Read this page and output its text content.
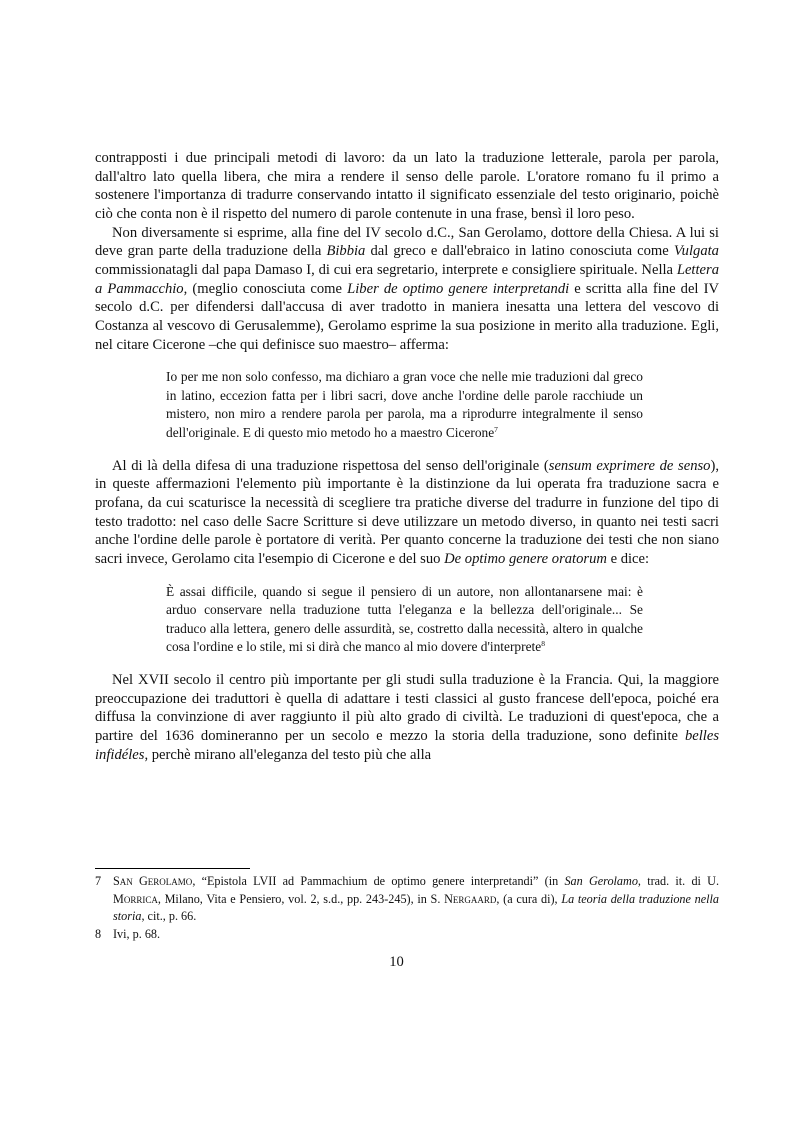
contrapposti i due principali metodi di lavoro: da un lato la traduzione letterale, parola per parola, dall'altro lato quella libera, che mira a rendere il senso delle parole. L'oratore romano fu il primo a sostenere l'importanza di tradurre conservando intatto il significato essenziale del testo originario, poichè ciò che conta non è il rispetto del numero di parole contenute in una frase, bensì il loro peso.

Non diversamente si esprime, alla fine del IV secolo d.C., San Gerolamo, dottore della Chiesa. A lui si deve gran parte della traduzione della Bibbia dal greco e dall'ebraico in latino conosciuta come Vulgata commissionatagli dal papa Damaso I, di cui era segretario, interprete e consigliere spirituale. Nella Lettera a Pammacchio, (meglio conosciuta come Liber de optimo genere interpretandi e scritta alla fine del IV secolo d.C. per difendersi dall'accusa di aver tradotto in maniera inesatta una lettera del vescovo di Costanza al vescovo di Gerusalemme), Gerolamo esprime la sua posizione in merito alla traduzione. Egli, nel citare Cicerone –che qui definisce suo maestro– afferma:

Io per me non solo confesso, ma dichiaro a gran voce che nelle mie traduzioni dal greco in latino, eccezion fatta per i libri sacri, dove anche l'ordine delle parole racchiude un mistero, non miro a rendere parola per parola, ma a riprodurre integralmente il senso dell'originale. E di questo mio metodo ho a maestro Cicerone$^7$

Al di là della difesa di una traduzione rispettosa del senso dell'originale (sensum exprimere de senso), in queste affermazioni l'elemento più importante è la distinzione da lui operata fra traduzione sacra e profana, da cui scaturisce la necessità di scegliere tra pratiche diverse del tradurre in funzione del tipo di testo tradotto: nel caso delle Sacre Scritture si deve utilizzare un metodo diverso, in quanto nei testi sacri anche l'ordine delle parole è portatore di verità. Per quanto concerne la traduzione dei testi che non siano sacri invece, Gerolamo cita l'esempio di Cicerone e del suo De optimo genere oratorum e dice:

È assai difficile, quando si segue il pensiero di un autore, non allontanarsene mai: è arduo conservare nella traduzione tutta l'eleganza e la bellezza dell'originale... Se traduco alla lettera, genero delle assurdità, se, costretto dalla necessità, altero in qualche cosa l'ordine e lo stile, mi si dirà che manco al mio dovere d'interprete$^8$

Nel XVII secolo il centro più importante per gli studi sulla traduzione è la Francia. Qui, la maggiore preoccupazione dei traduttori è quella di adattare i testi classici al gusto francese dell'epoca, poiché era diffusa la convinzione di aver raggiunto il più alto grado di civiltà. Le traduzioni di quest'epoca, che a partire del 1636 domineranno per un secolo e mezzo la storia della traduzione, sono definite belles infidéles, perchè mirano all'eleganza del testo più che alla

7 San Gerolamo, “Epistola LVII ad Pammachium de optimo genere interpretandi” (in San Gerolamo, trad. it. di U. Morrica, Milano, Vita e Pensiero, vol. 2, s.d., pp. 243-245), in S. Nergaard, (a cura di), La teoria della traduzione nella storia, cit., p. 66.
8 Ivi, p. 68.
10
